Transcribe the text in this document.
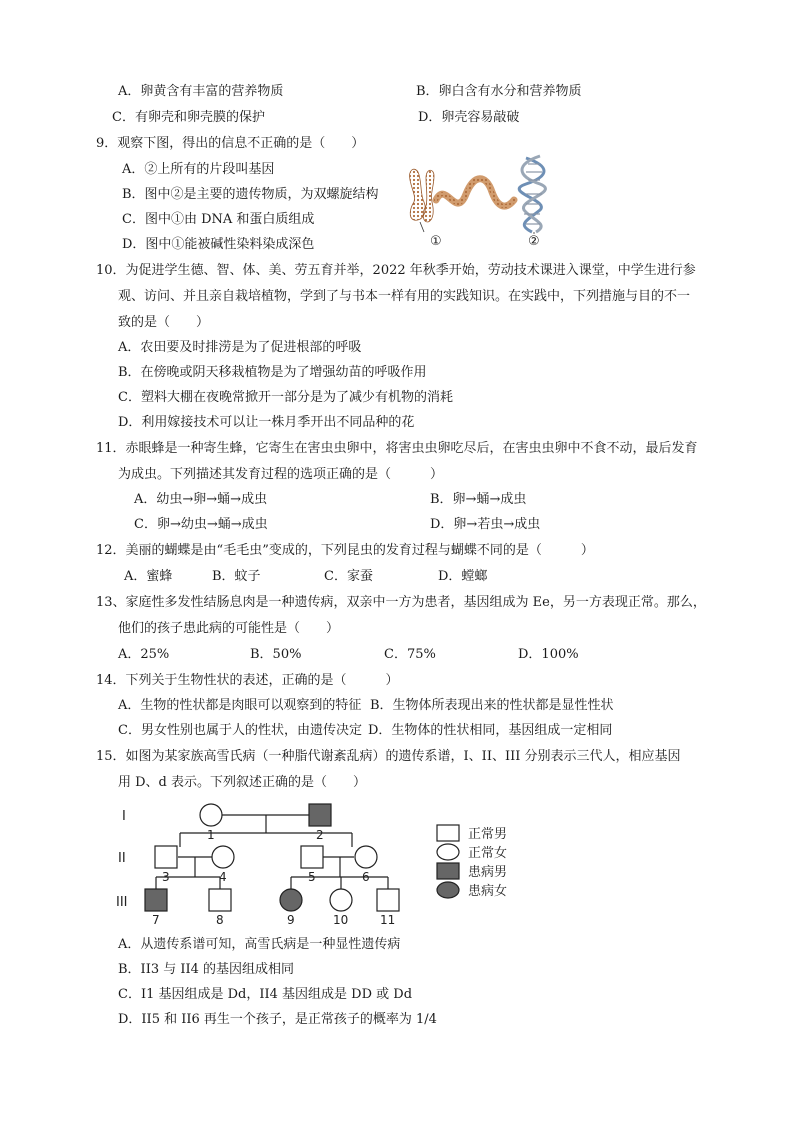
A．卵黄含有丰富的营养物质	B．卵白含有水分和营养物质
C．有卵壳和卵壳膜的保护	D．卵壳容易敲破
9．观察下图，得出的信息不正确的是（　　）
A．②上所有的片段叫基因
B．图中②是主要的遗传物质，为双螺旋结构
C．图中①由 DNA 和蛋白质组成
D．图中①能被碱性染料染成深色	①	②
10．为促进学生德、智、体、美、劳五育并举，2022 年秋季开始，劳动技术课进入课堂，中学生进行参
观、访问、并且亲自栽培植物，学到了与书本一样有用的实践知识。在实践中，下列措施与目的不一
致的是（　　）
A．农田要及时排涝是为了促进根部的呼吸
B．在傍晚或阴天移栽植物是为了增强幼苗的呼吸作用
C．塑料大棚在夜晚常掀开一部分是为了减少有机物的消耗
D．利用嫁接技术可以让一株月季开出不同品种的花
11．赤眼蜂是一种寄生蜂，它寄生在害虫虫卵中，将害虫虫卵吃尽后，在害虫虫卵中不食不动，最后发育
为成虫。下列描述其发育过程的选项正确的是（　　　）
A．幼虫→卵→蛹→成虫	B．卵→蛹→成虫
C．卵→幼虫→蛹→成虫	D．卵→若虫→成虫
12．美丽的蝴蝶是由“毛毛虫”变成的，下列昆虫的发育过程与蝴蝶不同的是（　　　）
A．蜜蜂	B．蚊子	C．家蚕	D．螳螂
13、家庭性多发性结肠息肉是一种遗传病，双亲中一方为患者，基因组成为 Ee，另一方表现正常。那么，
他们的孩子患此病的可能性是（　　）
A．25%	B．50%	C．75%	D．100%
14．下列关于生物性状的表述，正确的是（　　　）
A．生物的性状都是肉眼可以观察到的特征 B．生物体所表现出来的性状都是显性性状
C．男女性别也属于人的性状，由遗传决定 D．生物体的性状相同，基因组成一定相同
15．如图为某家族高雪氏病（一种脂代谢紊乱病）的遗传系谱，I、II、III 分别表示三代人，相应基因
用 D、d 表示。下列叙述正确的是（　　）
I
II
III
1	2
3	4	5	6
7	8	9	10	11
正常男
正常女
患病男
患病女
A．从遗传系谱可知，高雪氏病是一种显性遗传病
B．II3 与 II4 的基因组成相同
C．I1 基因组成是 Dd，II4 基因组成是 DD 或 Dd
D．II5 和 II6 再生一个孩子，是正常孩子的概率为 1/4
